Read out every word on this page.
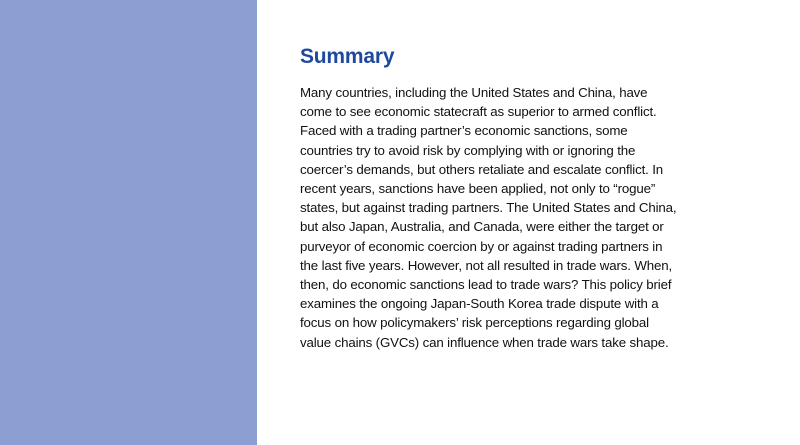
Summary

Many countries, including the United States and China, have
come to see economic statecraft as superior to armed conflict.
Faced with a trading partner’s economic sanctions, some
countries try to avoid risk by complying with or ignoring the
coercer’s demands, but others retaliate and escalate conflict. In
recent years, sanctions have been applied, not only to “rogue”
states, but against trading partners. The United States and China,
but also Japan, Australia, and Canada, were either the target or
purveyor of economic coercion by or against trading partners in
the last five years. However, not all resulted in trade wars. When,
then, do economic sanctions lead to trade wars? This policy brief
examines the ongoing Japan-South Korea trade dispute with a
focus on how policymakers’ risk perceptions regarding global
value chains (GVCs) can influence when trade wars take shape.
